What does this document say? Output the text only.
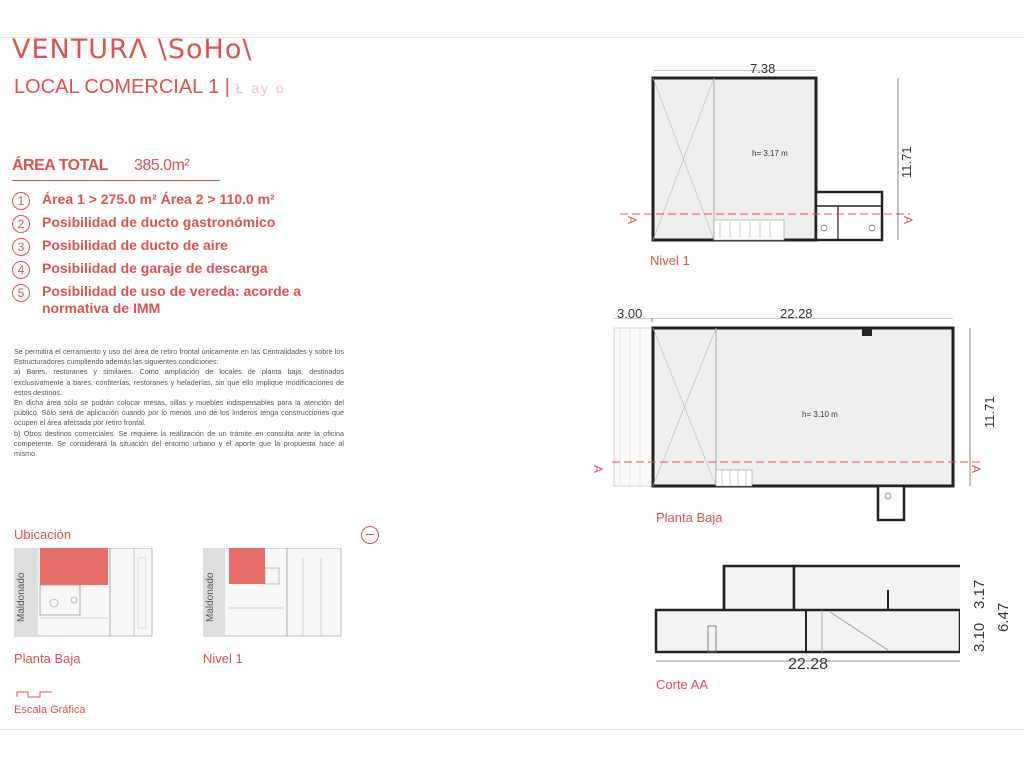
VENTURΛ \SoHo\
LOCAL COMERCIAL 1 | Ł ay o
ÁREA TOTAL 385.0m²
1	Área 1 > 275.0 m² Área 2 > 110.0 m²
2	Posibilidad de ducto gastronómico
3	Posibilidad de ducto de aire
4	Posibilidad de garaje de descarga
5	Posibilidad de uso de vereda: acorde a normativa de IMM

Se permitirá el cerramiento y uso del área de retiro frontal únicamente en las Centralidades y sobre los Estructuradores cumpliendo además las siguientes condiciones:

a) Bares, restoranes y similares. Como ampliación de locales de planta baja, destinados exclusivamente a bares, confiterías, restoranes y heladerías, sin que ello implique modificaciones de estos destinos.

En dicha área sólo se podrán colocar mesas, sillas y muebles indispensables para la atención del público. Sólo será de aplicación cuando por lo menos uno de los linderos tenga construcciones que ocupen el área afectada por retiro frontal.

b) Otros destinos comerciales. Se requiere la realización de un trámite en consulta ante la oficina competente. Se considerará la situación del entorno urbano y el aporte que la propuesta hace al mismo.

Ubicación
Maldonado
Planta Baja
Maldonado
Nivel 1
Escala Gráfica
7.38
11.71
h= 3.17 m
A	A
Nivel 1
3.00	22.28
11.71
h= 3.10 m
A	A
Planta Baja
22.28
3.10
3.17
6.47
Corte AA
